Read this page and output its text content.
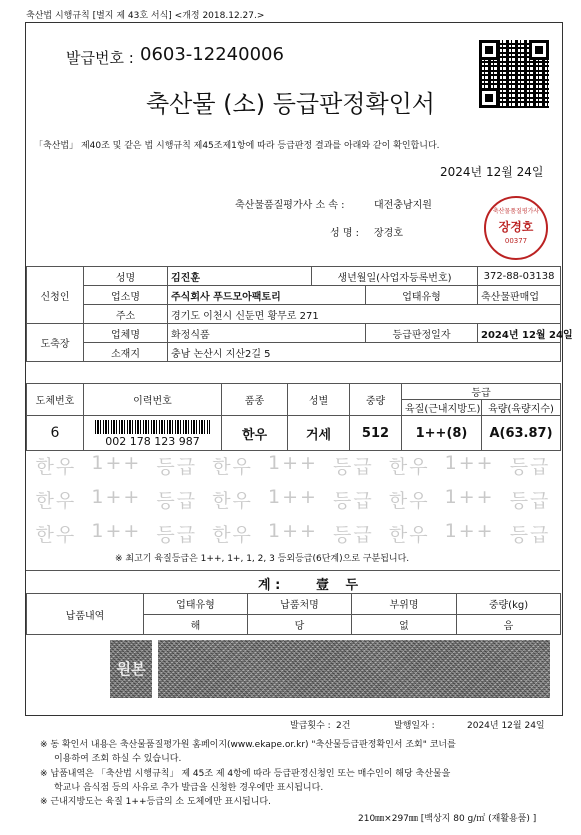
축산법 시행규칙 [별지 제 43호 서식] <개정 2018.12.27.>
발급번호 : 0603-12240006
축산물 (소) 등급판정확인서
「축산법」 제40조 및 같은 법 시행규칙 제45조제1항에 따라 등급판정 결과를 아래와 같이 확인합니다.
2024년 12월 24일
축산물품질평가사 소 속 :	대전충남지원
성 명 : 장경호
축산물품질평가사
장경호
00377
신청인	성명	김진훈	생년월일(사업자등록번호)		372-88-03138
	업소명	주식회사 푸드모아팩토리		업태유형	축산물판매업
	주소	경기도 이천시 신둔면 황무로 271			
도축장	업체명	화정식품		등급판정일자	2024년 12월 24일
	소재지	충남 논산시 지산2길 5			
도체번호	이력번호	품종	성별	중량	등급	
					육질(근내지방도)	육량(육량지수)
6	002 178 123 987	한우	거세	512	1++(8)	A(63.87)
한우 1++ 등급 한우 1++ 등급 한우 1++ 등급
한우 1++ 등급 한우 1++ 등급 한우 1++ 등급
한우 1++ 등급 한우 1++ 등급 한우 1++ 등급
※ 최고기 육질등급은 1++, 1+, 1, 2, 3 등외등급(6단계)으로 구분됩니다.
계 :	壹 두
납품내역	업태유형	납품처명	부위명	중량(kg)
	해	당	없	음
원본
발급횟수 : 2건	발행일자 :	2024년 12월 24일
※ 동 확인서 내용은 축산물품질평가원 홈페이지(www.ekape.or.kr) "축산물등급판정확인서 조회" 코너를
이용하여 조회 하실 수 있습니다.
※ 납품내역은 「축산법 시행규칙」 제 45조 제 4항에 따라 등급판정신청인 또는 매수인이 해당 축산물을
학교나 음식점 등의 사유로 추가 발급을 신청한 경우에만 표시됩니다.
※ 근내지방도는 육질 1++등급의 소 도체에만 표시됩니다.
210㎜×297㎜ [백상지 80 g/㎡ (재활용품) ]
